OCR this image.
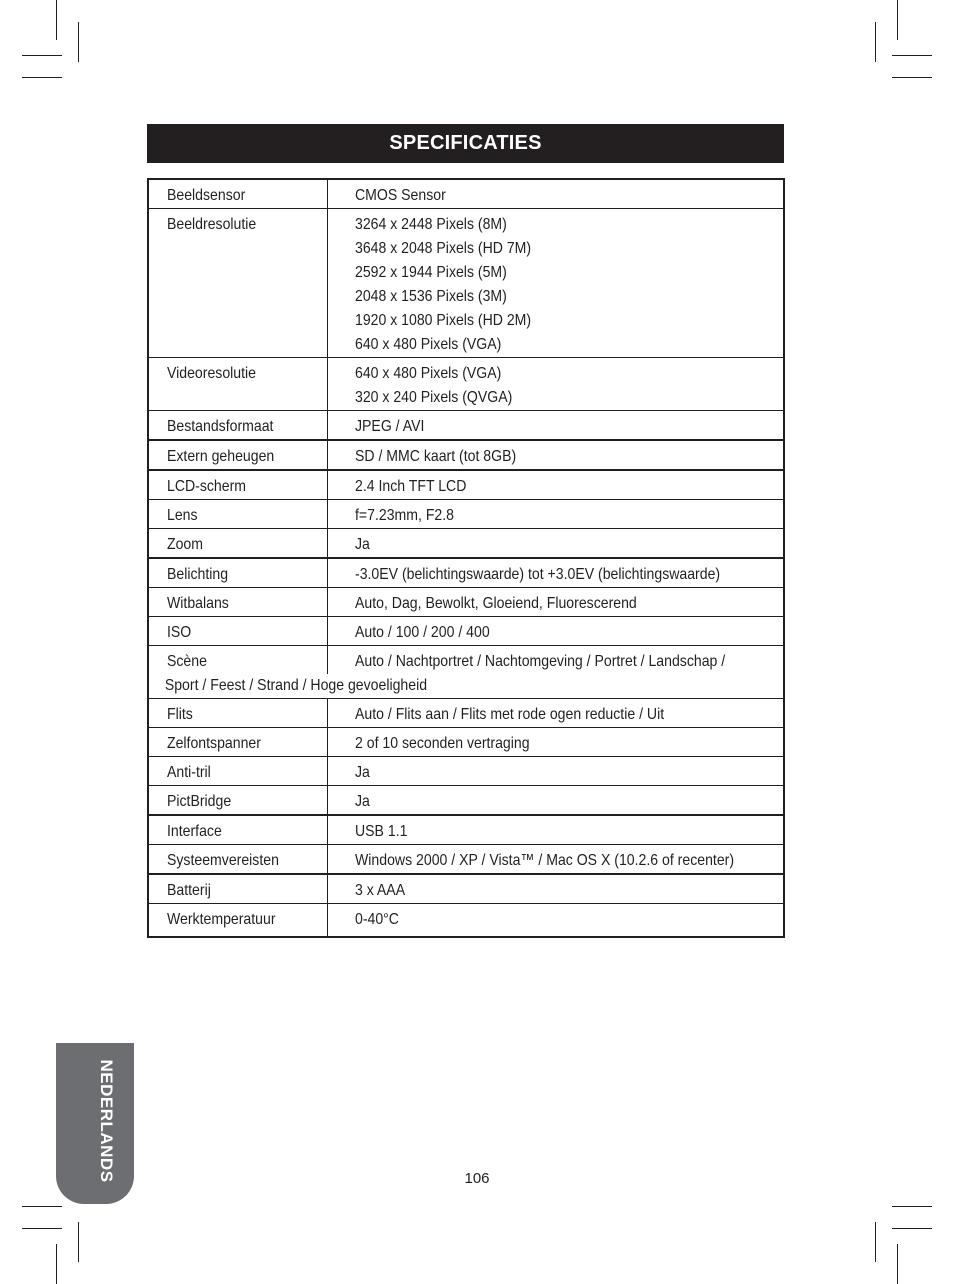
SPECIFICATIES
Beeldsensor	CMOS Sensor
Beeldresolutie	3264 x 2448 Pixels (8M)
3648 x 2048 Pixels (HD 7M)
2592 x 1944 Pixels (5M)
2048 x 1536 Pixels (3M)
1920 x 1080 Pixels (HD 2M)
640 x 480 Pixels (VGA)
Videoresolutie	640 x 480 Pixels (VGA)
320 x 240 Pixels (QVGA)
Bestandsformaat	JPEG / AVI
Extern geheugen	SD / MMC kaart (tot 8GB)
LCD-scherm	2.4 Inch TFT LCD
Lens	f=7.23mm, F2.8
Zoom	Ja
Belichting	-3.0EV (belichtingswaarde) tot +3.0EV (belichtingswaarde)
Witbalans	Auto, Dag, Bewolkt, Gloeiend, Fluorescerend
ISO	Auto / 100 / 200 / 400
Scène	Auto / Nachtportret / Nachtomgeving / Portret / Landschap /
Sport / Feest / Strand / Hoge gevoeligheid
Flits	Auto / Flits aan / Flits met rode ogen reductie / Uit
Zelfontspanner	2 of 10 seconden vertraging
Anti-tril	Ja
PictBridge	Ja
Interface	USB 1.1
Systeemvereisten	Windows 2000 / XP / Vista™ / Mac OS X (10.2.6 of recenter)
Batterij	3 x AAA
Werktemperatuur	0-40°C
NEDERLANDS	106
